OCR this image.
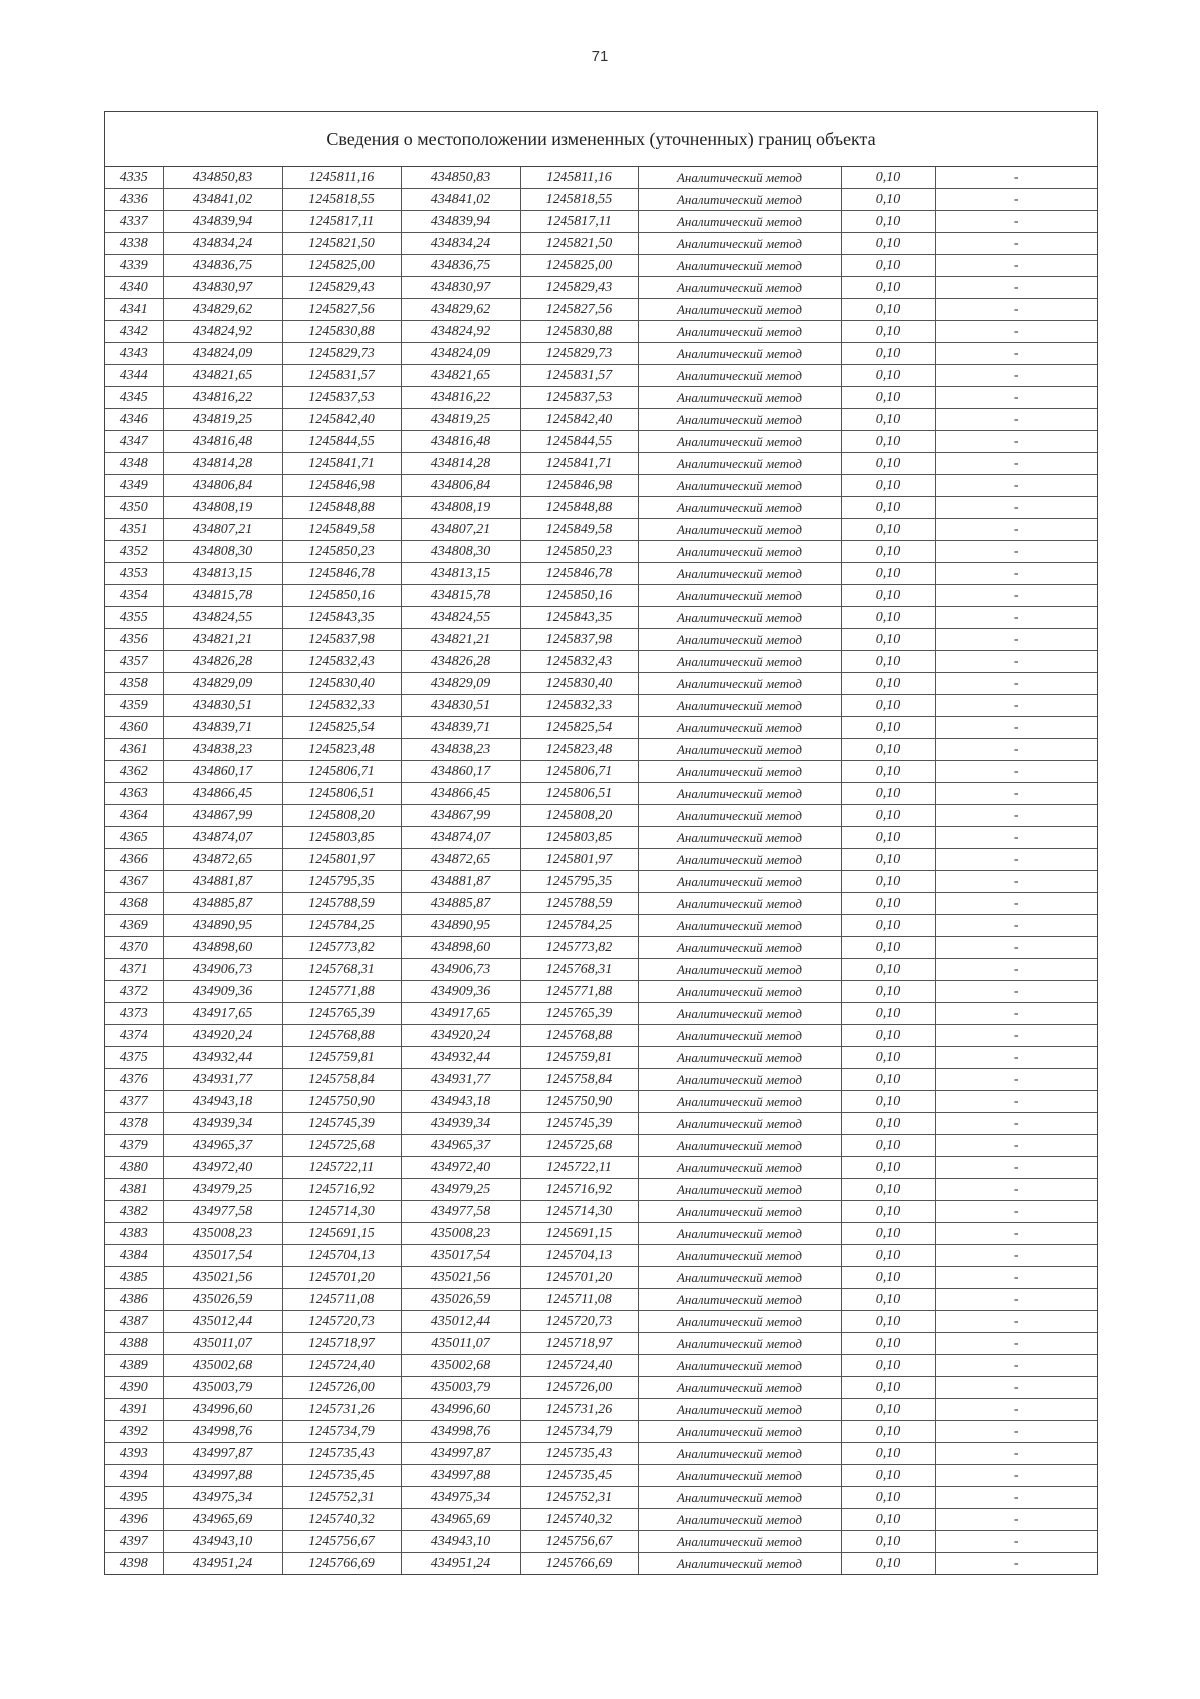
71
Сведения о местоположении измененных (уточненных) границ объекта
4335	434850,83	1245811,16	434850,83	1245811,16	Аналитический метод	0,10	-
4336	434841,02	1245818,55	434841,02	1245818,55	Аналитический метод	0,10	-
4337	434839,94	1245817,11	434839,94	1245817,11	Аналитический метод	0,10	-
4338	434834,24	1245821,50	434834,24	1245821,50	Аналитический метод	0,10	-
4339	434836,75	1245825,00	434836,75	1245825,00	Аналитический метод	0,10	-
4340	434830,97	1245829,43	434830,97	1245829,43	Аналитический метод	0,10	-
4341	434829,62	1245827,56	434829,62	1245827,56	Аналитический метод	0,10	-
4342	434824,92	1245830,88	434824,92	1245830,88	Аналитический метод	0,10	-
4343	434824,09	1245829,73	434824,09	1245829,73	Аналитический метод	0,10	-
4344	434821,65	1245831,57	434821,65	1245831,57	Аналитический метод	0,10	-
4345	434816,22	1245837,53	434816,22	1245837,53	Аналитический метод	0,10	-
4346	434819,25	1245842,40	434819,25	1245842,40	Аналитический метод	0,10	-
4347	434816,48	1245844,55	434816,48	1245844,55	Аналитический метод	0,10	-
4348	434814,28	1245841,71	434814,28	1245841,71	Аналитический метод	0,10	-
4349	434806,84	1245846,98	434806,84	1245846,98	Аналитический метод	0,10	-
4350	434808,19	1245848,88	434808,19	1245848,88	Аналитический метод	0,10	-
4351	434807,21	1245849,58	434807,21	1245849,58	Аналитический метод	0,10	-
4352	434808,30	1245850,23	434808,30	1245850,23	Аналитический метод	0,10	-
4353	434813,15	1245846,78	434813,15	1245846,78	Аналитический метод	0,10	-
4354	434815,78	1245850,16	434815,78	1245850,16	Аналитический метод	0,10	-
4355	434824,55	1245843,35	434824,55	1245843,35	Аналитический метод	0,10	-
4356	434821,21	1245837,98	434821,21	1245837,98	Аналитический метод	0,10	-
4357	434826,28	1245832,43	434826,28	1245832,43	Аналитический метод	0,10	-
4358	434829,09	1245830,40	434829,09	1245830,40	Аналитический метод	0,10	-
4359	434830,51	1245832,33	434830,51	1245832,33	Аналитический метод	0,10	-
4360	434839,71	1245825,54	434839,71	1245825,54	Аналитический метод	0,10	-
4361	434838,23	1245823,48	434838,23	1245823,48	Аналитический метод	0,10	-
4362	434860,17	1245806,71	434860,17	1245806,71	Аналитический метод	0,10	-
4363	434866,45	1245806,51	434866,45	1245806,51	Аналитический метод	0,10	-
4364	434867,99	1245808,20	434867,99	1245808,20	Аналитический метод	0,10	-
4365	434874,07	1245803,85	434874,07	1245803,85	Аналитический метод	0,10	-
4366	434872,65	1245801,97	434872,65	1245801,97	Аналитический метод	0,10	-
4367	434881,87	1245795,35	434881,87	1245795,35	Аналитический метод	0,10	-
4368	434885,87	1245788,59	434885,87	1245788,59	Аналитический метод	0,10	-
4369	434890,95	1245784,25	434890,95	1245784,25	Аналитический метод	0,10	-
4370	434898,60	1245773,82	434898,60	1245773,82	Аналитический метод	0,10	-
4371	434906,73	1245768,31	434906,73	1245768,31	Аналитический метод	0,10	-
4372	434909,36	1245771,88	434909,36	1245771,88	Аналитический метод	0,10	-
4373	434917,65	1245765,39	434917,65	1245765,39	Аналитический метод	0,10	-
4374	434920,24	1245768,88	434920,24	1245768,88	Аналитический метод	0,10	-
4375	434932,44	1245759,81	434932,44	1245759,81	Аналитический метод	0,10	-
4376	434931,77	1245758,84	434931,77	1245758,84	Аналитический метод	0,10	-
4377	434943,18	1245750,90	434943,18	1245750,90	Аналитический метод	0,10	-
4378	434939,34	1245745,39	434939,34	1245745,39	Аналитический метод	0,10	-
4379	434965,37	1245725,68	434965,37	1245725,68	Аналитический метод	0,10	-
4380	434972,40	1245722,11	434972,40	1245722,11	Аналитический метод	0,10	-
4381	434979,25	1245716,92	434979,25	1245716,92	Аналитический метод	0,10	-
4382	434977,58	1245714,30	434977,58	1245714,30	Аналитический метод	0,10	-
4383	435008,23	1245691,15	435008,23	1245691,15	Аналитический метод	0,10	-
4384	435017,54	1245704,13	435017,54	1245704,13	Аналитический метод	0,10	-
4385	435021,56	1245701,20	435021,56	1245701,20	Аналитический метод	0,10	-
4386	435026,59	1245711,08	435026,59	1245711,08	Аналитический метод	0,10	-
4387	435012,44	1245720,73	435012,44	1245720,73	Аналитический метод	0,10	-
4388	435011,07	1245718,97	435011,07	1245718,97	Аналитический метод	0,10	-
4389	435002,68	1245724,40	435002,68	1245724,40	Аналитический метод	0,10	-
4390	435003,79	1245726,00	435003,79	1245726,00	Аналитический метод	0,10	-
4391	434996,60	1245731,26	434996,60	1245731,26	Аналитический метод	0,10	-
4392	434998,76	1245734,79	434998,76	1245734,79	Аналитический метод	0,10	-
4393	434997,87	1245735,43	434997,87	1245735,43	Аналитический метод	0,10	-
4394	434997,88	1245735,45	434997,88	1245735,45	Аналитический метод	0,10	-
4395	434975,34	1245752,31	434975,34	1245752,31	Аналитический метод	0,10	-
4396	434965,69	1245740,32	434965,69	1245740,32	Аналитический метод	0,10	-
4397	434943,10	1245756,67	434943,10	1245756,67	Аналитический метод	0,10	-
4398	434951,24	1245766,69	434951,24	1245766,69	Аналитический метод	0,10	-
